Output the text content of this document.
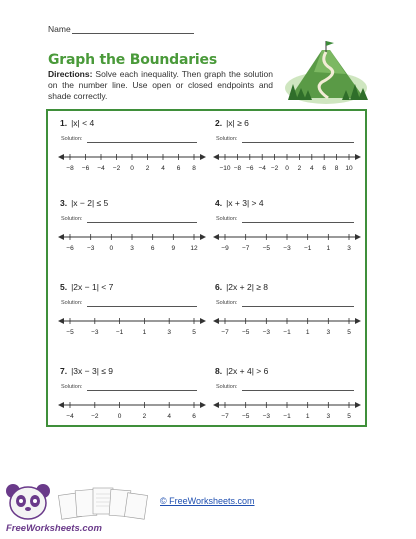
Name
Graph the Boundaries
Directions: Solve each inequality. Then graph the solution on the number line. Use open or closed endpoints and shade correctly.
1. |x| < 4
Solution:
−8 −6 −4 −2 0 2 4 6 8
2. |x| ≥ 6
Solution:
−10 −8 −6 −4 −2 0 2 4 6 8 10
3. |x − 2| ≤ 5
Solution:
−6 −3 0	3	6	9 12
4. |x + 3| > 4
Solution:
−9 −7 −5 −3 −1 1	3
5. |2x − 1| < 7
Solution:
−5	−3	−1	1	3	5
6. |2x + 2| ≥ 8
Solution:
−7 −5 −3 −1 1	3	5
7. |3x − 3| ≤ 9
Solution:
−4	−2	0	2	4	6
8. |2x + 4| > 6
Solution:
−7 −5 −3 −1 1	3	5
FreeWorksheets.com
© FreeWorksheets.com
